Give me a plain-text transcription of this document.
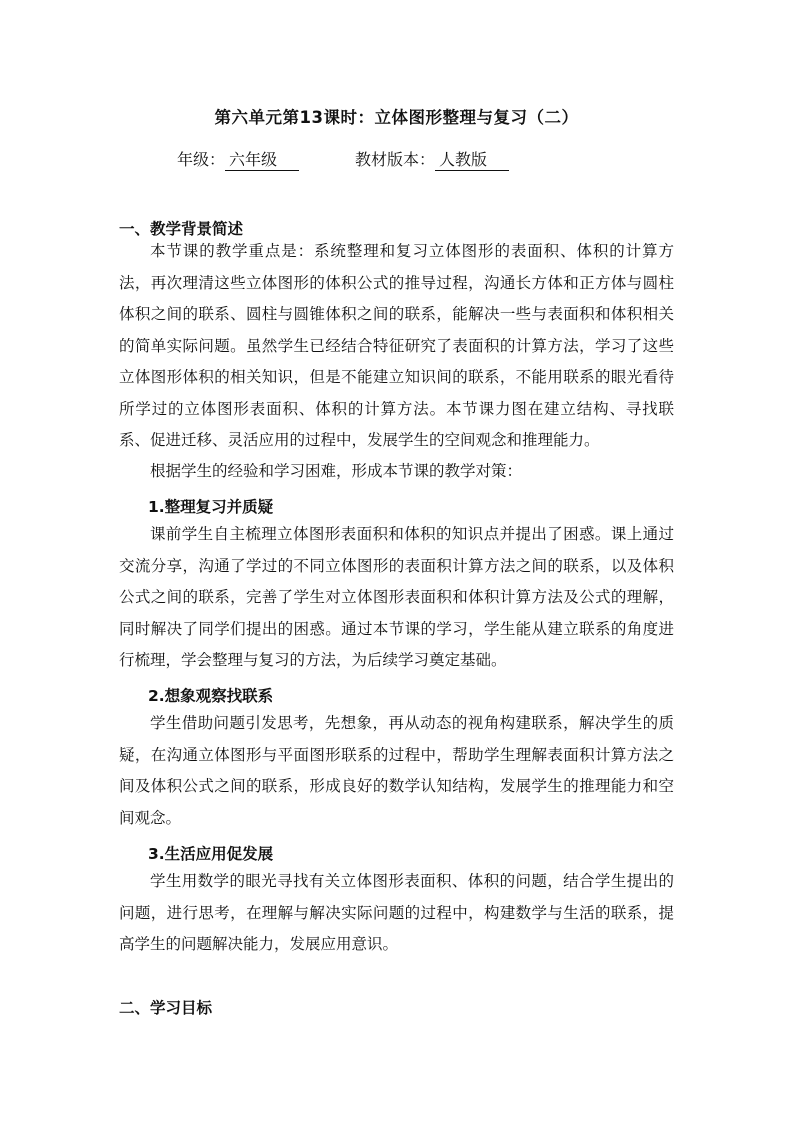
第六单元第13课时：立体图形整理与复习（二）
年级： 六年级	教材版本： 人教版
一、教学背景简述
本节课的教学重点是：系统整理和复习立体图形的表面积、体积的计算方法，再次理清这些立体图形的体积公式的推导过程，沟通长方体和正方体与圆柱体积之间的联系、圆柱与圆锥体积之间的联系，能解决一些与表面积和体积相关的简单实际问题。虽然学生已经结合特征研究了表面积的计算方法，学习了这些立体图形体积的相关知识，但是不能建立知识间的联系，不能用联系的眼光看待所学过的立体图形表面积、体积的计算方法。本节课力图在建立结构、寻找联系、促进迁移、灵活应用的过程中，发展学生的空间观念和推理能力。
根据学生的经验和学习困难，形成本节课的教学对策：
1.整理复习并质疑
课前学生自主梳理立体图形表面积和体积的知识点并提出了困惑。课上通过交流分享，沟通了学过的不同立体图形的表面积计算方法之间的联系，以及体积公式之间的联系，完善了学生对立体图形表面积和体积计算方法及公式的理解，同时解决了同学们提出的困惑。通过本节课的学习，学生能从建立联系的角度进行梳理，学会整理与复习的方法，为后续学习奠定基础。
2.想象观察找联系
学生借助问题引发思考，先想象，再从动态的视角构建联系，解决学生的质疑，在沟通立体图形与平面图形联系的过程中，帮助学生理解表面积计算方法之间及体积公式之间的联系，形成良好的数学认知结构，发展学生的推理能力和空间观念。
3.生活应用促发展
学生用数学的眼光寻找有关立体图形表面积、体积的问题，结合学生提出的问题，进行思考，在理解与解决实际问题的过程中，构建数学与生活的联系，提高学生的问题解决能力，发展应用意识。
二、学习目标
